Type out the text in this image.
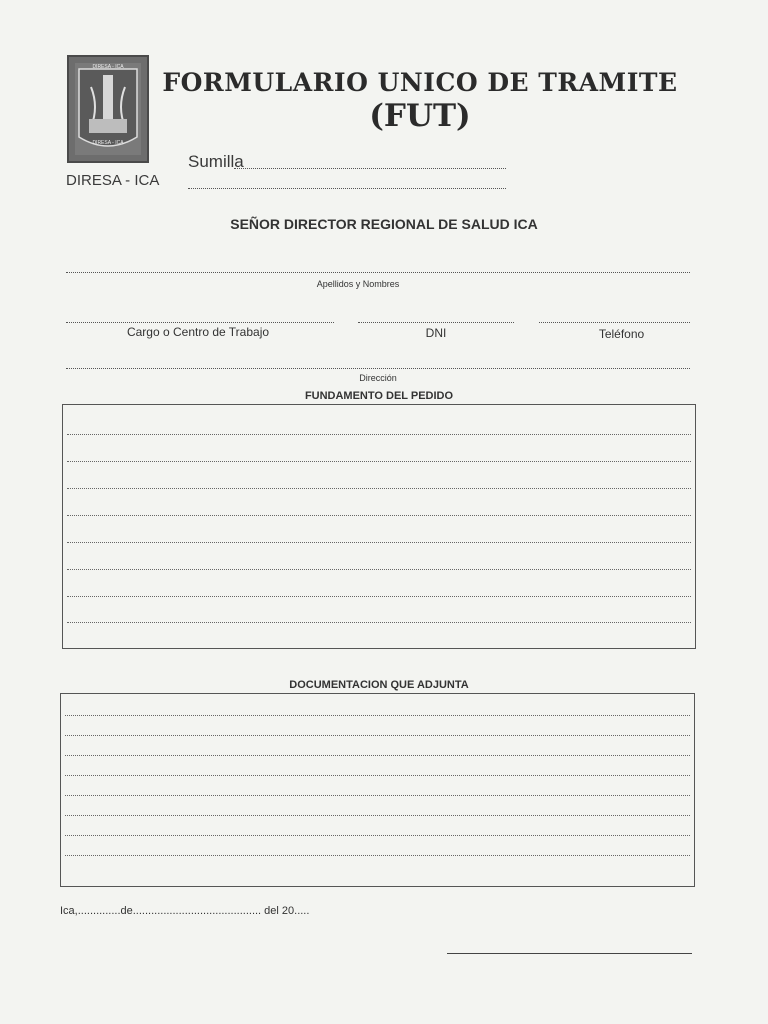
DIRESA - ICA
DIRESA - ICA
DIRESA - ICA
FORMULARIO UNICO DE TRAMITE
(FUT)
Sumilla
SEÑOR DIRECTOR REGIONAL DE SALUD ICA
Apellidos y Nombres
Cargo o Centro de Trabajo	DNI	Teléfono
Dirección
FUNDAMENTO DEL PEDIDO
DOCUMENTACION QUE ADJUNTA
Ica,..............de.......................................... del 20.....
